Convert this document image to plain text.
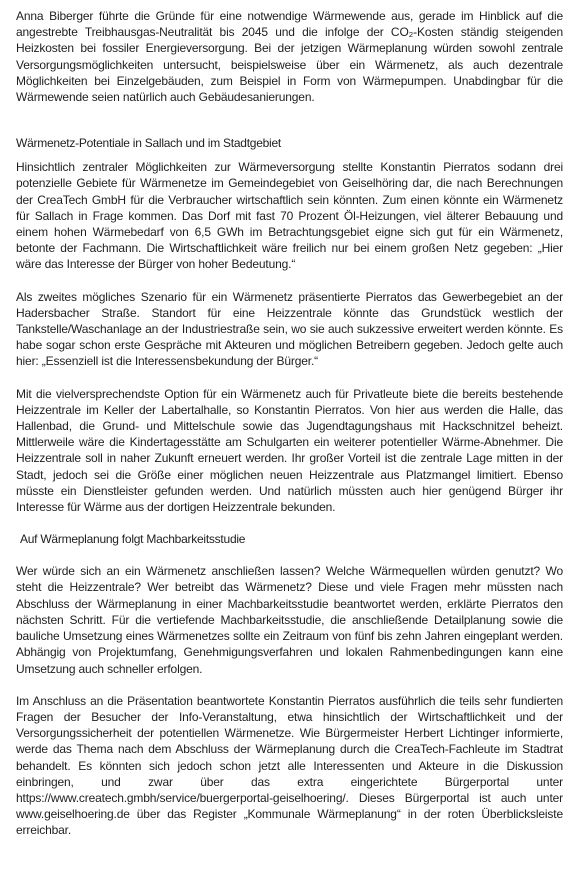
Anna Biberger führte die Gründe für eine notwendige Wärmewende aus, gerade im Hinblick auf die angestrebte Treibhausgas-Neutralität bis 2045 und die infolge der CO₂-Kosten ständig steigenden Heizkosten bei fossiler Energieversorgung. Bei der jetzigen Wärmeplanung würden sowohl zentrale Versorgungsmöglichkeiten untersucht, beispielsweise über ein Wärmenetz, als auch dezentrale Möglichkeiten bei Einzelgebäuden, zum Beispiel in Form von Wärmepumpen. Unabdingbar für die Wärmewende seien natürlich auch Gebäudesanierungen.

Wärmenetz-Potentiale in Sallach und im Stadtgebiet

Hinsichtlich zentraler Möglichkeiten zur Wärmeversorgung stellte Konstantin Pierratos sodann drei potenzielle Gebiete für Wärmenetze im Gemeindegebiet von Geiselhöring dar, die nach Berechnungen der CreaTech GmbH für die Verbraucher wirtschaftlich sein könnten. Zum einen könnte ein Wärmenetz für Sallach in Frage kommen. Das Dorf mit fast 70 Prozent Öl-Heizungen, viel älterer Bebauung und einem hohen Wärmebedarf von 6,5 GWh im Betrachtungsgebiet eigne sich gut für ein Wärmenetz, betonte der Fachmann. Die Wirtschaftlichkeit wäre freilich nur bei einem großen Netz gegeben: „Hier wäre das Interesse der Bürger von hoher Bedeutung.“

Als zweites mögliches Szenario für ein Wärmenetz präsentierte Pierratos das Gewerbegebiet an der Hadersbacher Straße. Standort für eine Heizzentrale könnte das Grundstück westlich der Tankstelle/Waschanlage an der Industriestraße sein, wo sie auch sukzessive erweitert werden könnte. Es habe sogar schon erste Gespräche mit Akteuren und möglichen Betreibern gegeben. Jedoch gelte auch hier: „Essenziell ist die Interessensbekundung der Bürger.“

Mit die vielversprechendste Option für ein Wärmenetz auch für Privatleute biete die bereits bestehende Heizzentrale im Keller der Labertalhalle, so Konstantin Pierratos. Von hier aus werden die Halle, das Hallenbad, die Grund- und Mittelschule sowie das Jugendtagungshaus mit Hackschnitzel beheizt. Mittlerweile wäre die Kindertagesstätte am Schulgarten ein weiterer potentieller Wärme-Abnehmer. Die Heizzentrale soll in naher Zukunft erneuert werden. Ihr großer Vorteil ist die zentrale Lage mitten in der Stadt, jedoch sei die Größe einer möglichen neuen Heizzentrale aus Platzmangel limitiert. Ebenso müsste ein Dienstleister gefunden werden. Und natürlich müssten auch hier genügend Bürger ihr Interesse für Wärme aus der dortigen Heizzentrale bekunden.

Auf Wärmeplanung folgt Machbarkeitsstudie

Wer würde sich an ein Wärmenetz anschließen lassen? Welche Wärmequellen würden genutzt? Wo steht die Heizzentrale? Wer betreibt das Wärmenetz? Diese und viele Fragen mehr müssten nach Abschluss der Wärmeplanung in einer Machbarkeitsstudie beantwortet werden, erklärte Pierratos den nächsten Schritt. Für die vertiefende Machbarkeitsstudie, die anschließende Detailplanung sowie die bauliche Umsetzung eines Wärmenetzes sollte ein Zeitraum von fünf bis zehn Jahren eingeplant werden. Abhängig von Projektumfang, Genehmigungsverfahren und lokalen Rahmenbedingungen kann eine Umsetzung auch schneller erfolgen.

Im Anschluss an die Präsentation beantwortete Konstantin Pierratos ausführlich die teils sehr fundierten Fragen der Besucher der Info-Veranstaltung, etwa hinsichtlich der Wirtschaftlichkeit und der Versorgungssicherheit der potentiellen Wärmenetze. Wie Bürgermeister Herbert Lichtinger informierte, werde das Thema nach dem Abschluss der Wärmeplanung durch die CreaTech-Fachleute im Stadtrat behandelt. Es könnten sich jedoch schon jetzt alle Interessenten und Akteure in die Diskussion einbringen, und zwar über das extra eingerichtete Bürgerportal unter https://www.createch.gmbh/service/buergerportal-geiselhoering/. Dieses Bürgerportal ist auch unter www.geiselhoering.de über das Register „Kommunale Wärmeplanung“ in der roten Überblicksleiste erreichbar.
